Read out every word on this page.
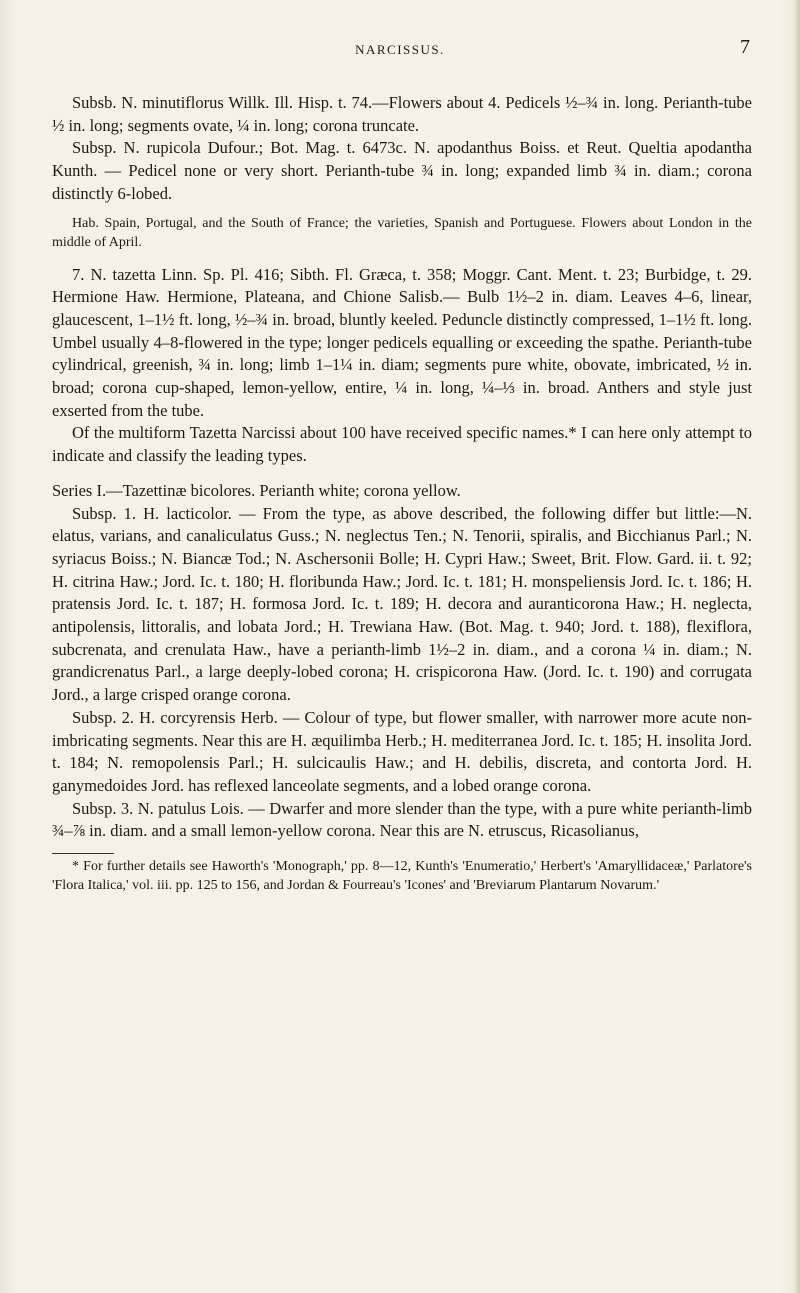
NARCISSUS.	7

Subsb. N. minutiflorus Willk. Ill. Hisp. t. 74.—Flowers about 4. Pedicels ½–¾ in. long. Perianth-tube ½ in. long; segments ovate, ¼ in. long; corona truncate.

Subsp. N. rupicola Dufour.; Bot. Mag. t. 6473c. N. apodanthus Boiss. et Reut. Queltia apodantha Kunth. — Pedicel none or very short. Perianth-tube ¾ in. long; expanded limb ¾ in. diam.; corona distinctly 6-lobed.

Hab. Spain, Portugal, and the South of France; the varieties, Spanish and Portuguese. Flowers about London in the middle of April.

7. N. tazetta Linn. Sp. Pl. 416; Sibth. Fl. Græca, t. 358; Moggr. Cant. Ment. t. 23; Burbidge, t. 29. Hermione Haw. Hermione, Plateana, and Chione Salisb.— Bulb 1½–2 in. diam. Leaves 4–6, linear, glaucescent, 1–1½ ft. long, ½–¾ in. broad, bluntly keeled. Peduncle distinctly compressed, 1–1½ ft. long. Umbel usually 4–8-flowered in the type; longer pedicels equalling or exceeding the spathe. Perianth-tube cylindrical, greenish, ¾ in. long; limb 1–1¼ in. diam; segments pure white, obovate, imbricated, ½ in. broad; corona cup-shaped, lemon-yellow, entire, ¼ in. long, ¼–⅓ in. broad. Anthers and style just exserted from the tube.

Of the multiform Tazetta Narcissi about 100 have received specific names.* I can here only attempt to indicate and classify the leading types.

Series I.—Tazettinæ bicolores. Perianth white; corona yellow.

Subsp. 1. H. lacticolor. — From the type, as above described, the following differ but little:—N. elatus, varians, and canaliculatus Guss.; N. neglectus Ten.; N. Tenorii, spiralis, and Bicchianus Parl.; N. syriacus Boiss.; N. Biancæ Tod.; N. Aschersonii Bolle; H. Cypri Haw.; Sweet, Brit. Flow. Gard. ii. t. 92; H. citrina Haw.; Jord. Ic. t. 180; H. floribunda Haw.; Jord. Ic. t. 181; H. monspeliensis Jord. Ic. t. 186; H. pratensis Jord. Ic. t. 187; H. formosa Jord. Ic. t. 189; H. decora and auranticorona Haw.; H. neglecta, antipolensis, littoralis, and lobata Jord.; H. Trewiana Haw. (Bot. Mag. t. 940; Jord. t. 188), flexiflora, subcrenata, and crenulata Haw., have a perianth-limb 1½–2 in. diam., and a corona ¼ in. diam.; N. grandicrenatus Parl., a large deeply-lobed corona; H. crispicorona Haw. (Jord. Ic. t. 190) and corrugata Jord., a large crisped orange corona.

Subsp. 2. H. corcyrensis Herb. — Colour of type, but flower smaller, with narrower more acute non-imbricating segments. Near this are H. æquilimba Herb.; H. mediterranea Jord. Ic. t. 185; H. insolita Jord. t. 184; N. remopolensis Parl.; H. sulcicaulis Haw.; and H. debilis, discreta, and contorta Jord. H. ganymedoides Jord. has reflexed lanceolate segments, and a lobed orange corona.

Subsp. 3. N. patulus Lois. — Dwarfer and more slender than the type, with a pure white perianth-limb ¾–⅞ in. diam. and a small lemon-yellow corona. Near this are N. etruscus, Ricasolianus,

* For further details see Haworth's 'Monograph,' pp. 8—12, Kunth's 'Enumeratio,' Herbert's 'Amaryllidaceæ,' Parlatore's 'Flora Italica,' vol. iii. pp. 125 to 156, and Jordan & Fourreau's 'Icones' and 'Breviarum Plantarum Novarum.'
